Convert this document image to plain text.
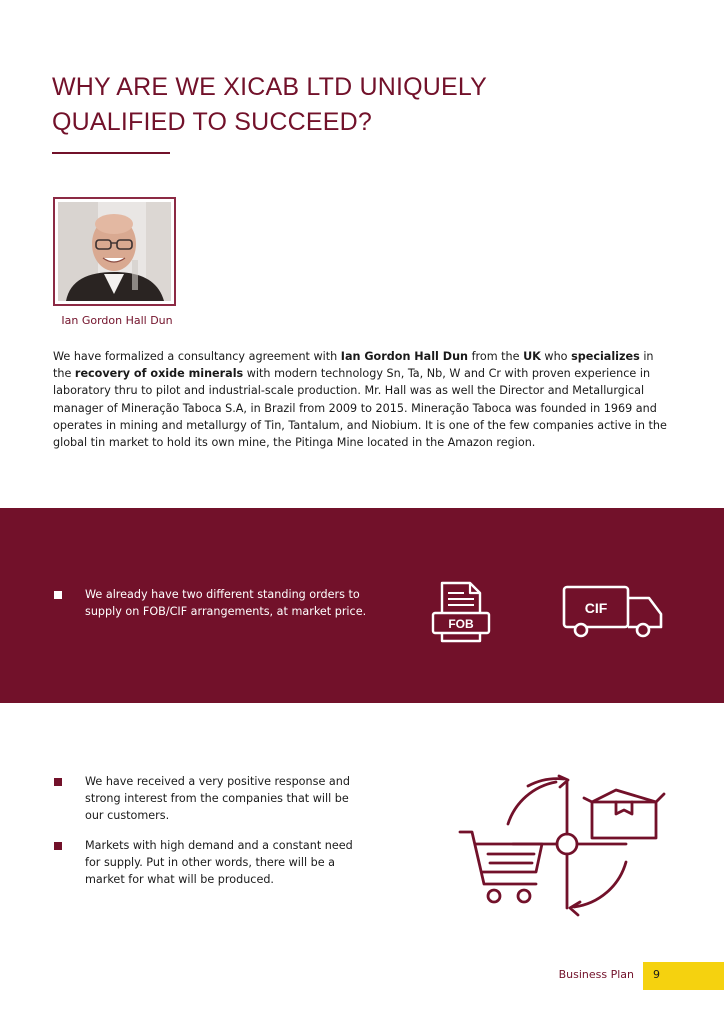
WHY ARE WE XICAB LTD UNIQUELY QUALIFIED TO SUCCEED?
Ian Gordon Hall Dun

We have formalized a consultancy agreement with Ian Gordon Hall Dun from the UK who specializes in the recovery of oxide minerals with modern technology Sn, Ta, Nb, W and Cr with proven experience in laboratory thru to pilot and industrial-scale production. Mr. Hall was as well the Director and Metallurgical manager of Mineração Taboca S.A, in Brazil from 2009 to 2015. Mineração Taboca was founded in 1969 and operates in mining and metallurgy of Tin, Tantalum, and Niobium. It is one of the few companies active in the global tin market to hold its own mine, the Pitinga Mine located in the Amazon region.

We already have two different standing orders to supply on FOB/CIF arrangements, at market price.

FOB
CIF

We have received a very positive response and strong interest from the companies that will be our customers.

Markets with high demand and a constant need for supply. Put in other words, there will be a market for what will be produced.

Business Plan 9
